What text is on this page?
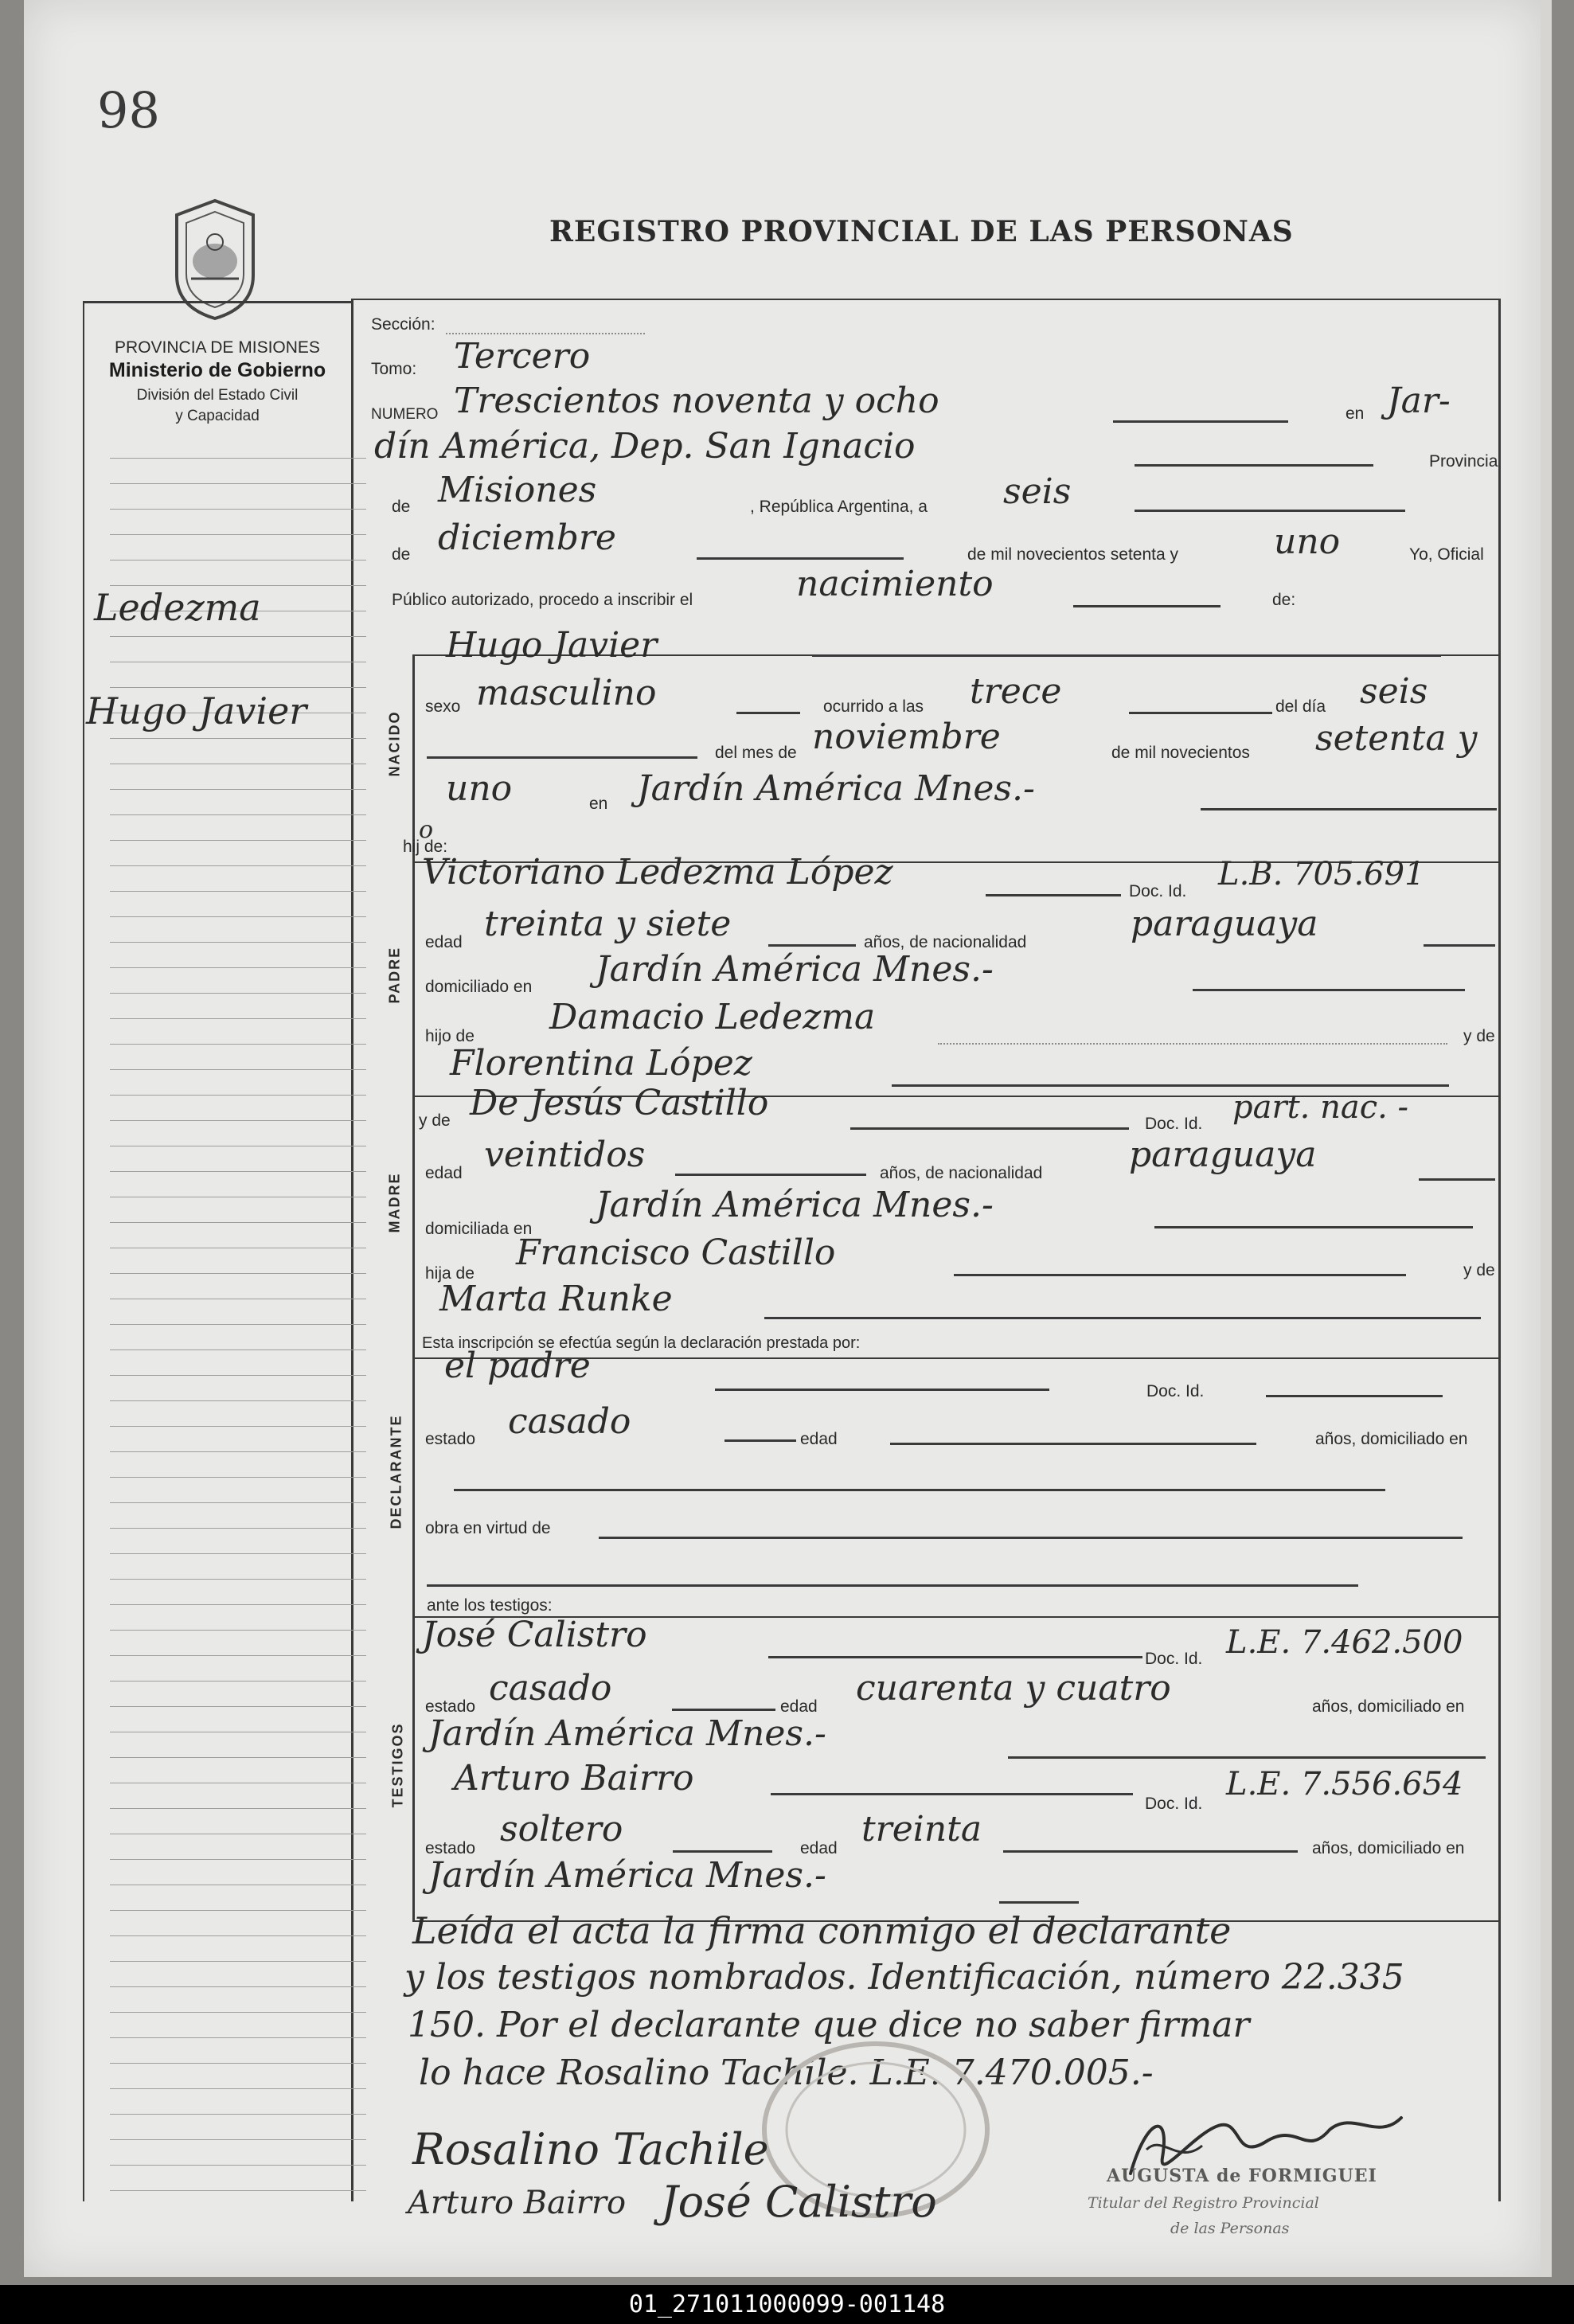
98
PROVINCIA DE MISIONES
Ministerio de Gobierno
División del Estado Civil
y Capacidad
REGISTRO PROVINCIAL DE LAS PERSONAS
Ledezma
Hugo Javier
Sección:
Tomo: Tercero
NUMERO Trescientos noventa y ocho	en Jar-
dín América, Dep. San Ignacio	Provincia
de Misiones	, República Argentina, a seis
de diciembre	de mil novecientos setenta y	uno	Yo, Oficial
Público autorizado, procedo a inscribir el	nacimiento	de:
NACIDO
Hugo Javier
sexo masculino	ocurrido a las trece	del día seis
del mes de noviembre	de mil novecientos setenta y
uno	en Jardín América Mnes.-
hij de:
o
PADRE
Victoriano Ledezma López	Doc. Id. L.B. 705.691
edad treinta y siete	años, de nacionalidad	paraguaya
domiciliado en Jardín América Mnes.-
hijo de Damacio Ledezma	y de
Florentina López
MADRE
y de De Jesús Castillo
Doc. Id. part. nac. -
edad veintidos	años, de nacionalidad paraguaya
domiciliada en
Jardín América Mnes.-
hija de
Francisco Castillo	y de
Marta Runke
Esta inscripción se efectúa según la declaración prestada por:
DECLARANTE
el padre
Doc. Id.
estado casado	edad	años, domiciliado en
obra en virtud de
ante los testigos:
TESTIGOS
José Calistro
Doc. Id. L.E. 7.462.500
estado casado	edad cuarenta y cuatro	años, domiciliado en
Jardín América Mnes.-
Arturo Bairro
Doc. Id.
L.E. 7.556.654
estado soltero	edad treinta	años, domiciliado en
Jardín América Mnes.-
Leída el acta la firma conmigo el declarante
y los testigos nombrados. Identificación, número 22.335
150. Por el declarante que dice no saber firmar
lo hace Rosalino Tachile. L.E. 7.470.005.-
Rosalino Tachile
Arturo Bairro José Calistro
AUGUSTA de FORMIGUEI
Titular del Registro Provincial
de las Personas
01_271011000099-001148
